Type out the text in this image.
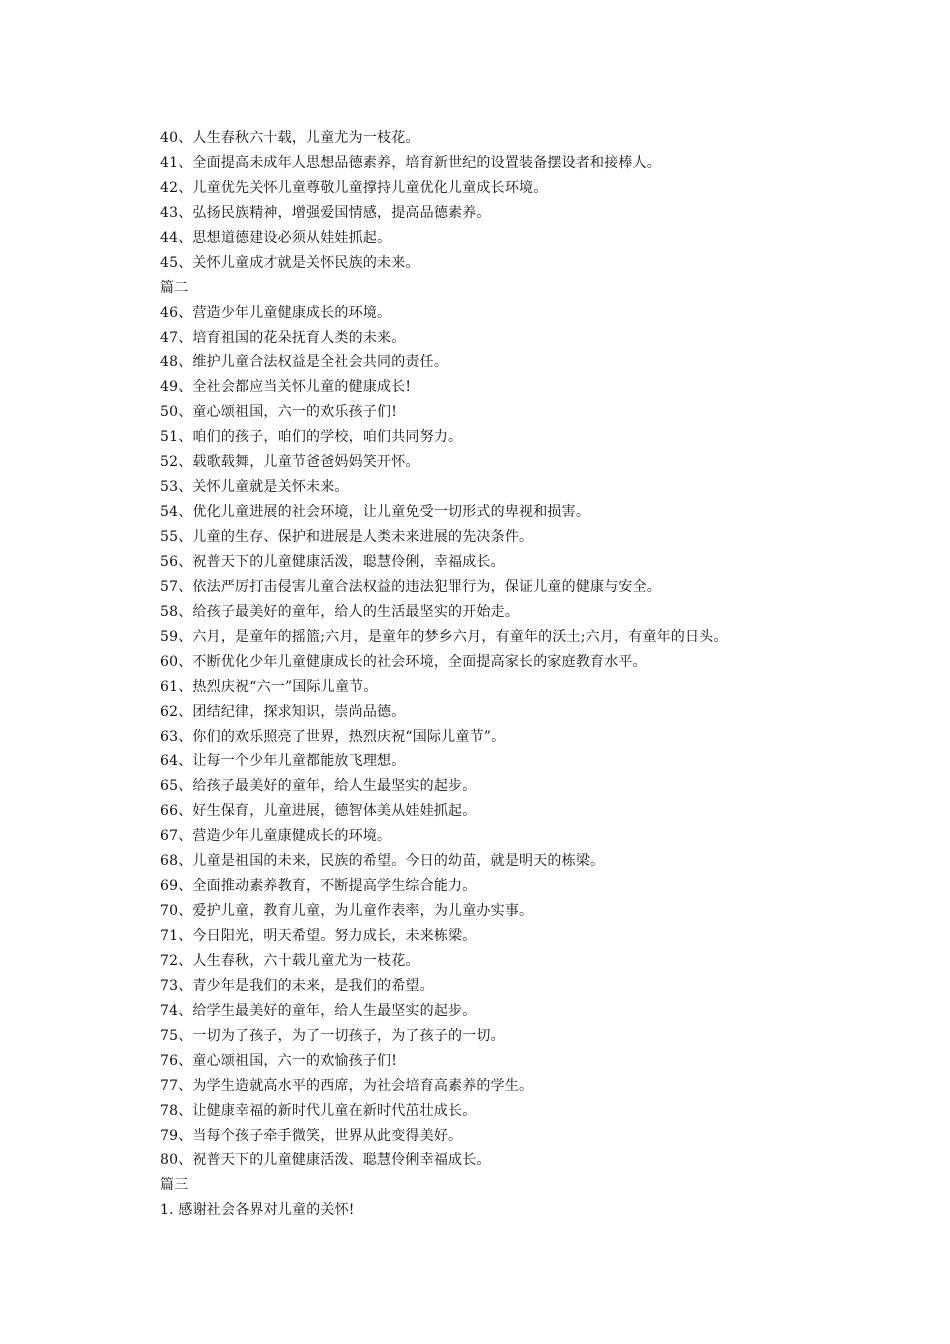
40、人生春秋六十载，儿童尤为一枝花。
41、全面提高未成年人思想品德素养，培育新世纪的设置装备摆设者和接棒人。
42、儿童优先关怀儿童尊敬儿童撑持儿童优化儿童成长环境。
43、弘扬民族精神，增强爱国情感，提高品德素养。
44、思想道德建设必须从娃娃抓起。
45、关怀儿童成才就是关怀民族的未来。
篇二
46、营造少年儿童健康成长的环境。
47、培育祖国的花朵抚育人类的未来。
48、维护儿童合法权益是全社会共同的责任。
49、全社会都应当关怀儿童的健康成长!
50、童心颂祖国，六一的欢乐孩子们!
51、咱们的孩子，咱们的学校，咱们共同努力。
52、载歌载舞，儿童节爸爸妈妈笑开怀。
53、关怀儿童就是关怀未来。
54、优化儿童进展的社会环境，让儿童免受一切形式的卑视和损害。
55、儿童的生存、保护和进展是人类未来进展的先决条件。
56、祝普天下的儿童健康活泼，聪慧伶俐，幸福成长。
57、依法严厉打击侵害儿童合法权益的违法犯罪行为，保证儿童的健康与安全。
58、给孩子最美好的童年，给人的生活最坚实的开始走。
59、六月，是童年的摇篮;六月，是童年的梦乡六月，有童年的沃土;六月，有童年的日头。
60、不断优化少年儿童健康成长的社会环境，全面提高家长的家庭教育水平。
61、热烈庆祝“六一”国际儿童节。
62、团结纪律，探求知识，崇尚品德。
63、你们的欢乐照亮了世界，热烈庆祝“国际儿童节”。
64、让每一个少年儿童都能放飞理想。
65、给孩子最美好的童年，给人生最坚实的起步。
66、好生保育，儿童进展，德智体美从娃娃抓起。
67、营造少年儿童康健成长的环境。
68、儿童是祖国的未来，民族的希望。今日的幼苗，就是明天的栋梁。
69、全面推动素养教育，不断提高学生综合能力。
70、爱护儿童，教育儿童，为儿童作表率，为儿童办实事。
71、今日阳光，明天希望。努力成长，未来栋梁。
72、人生春秋，六十载儿童尤为一枝花。
73、青少年是我们的未来，是我们的希望。
74、给学生最美好的童年，给人生最坚实的起步。
75、一切为了孩子，为了一切孩子，为了孩子的一切。
76、童心颂祖国，六一的欢愉孩子们!
77、为学生造就高水平的西席，为社会培育高素养的学生。
78、让健康幸福的新时代儿童在新时代茁壮成长。
79、当每个孩子牵手微笑，世界从此变得美好。
80、祝普天下的儿童健康活泼、聪慧伶俐幸福成长。
篇三
1. 感谢社会各界对儿童的关怀!
